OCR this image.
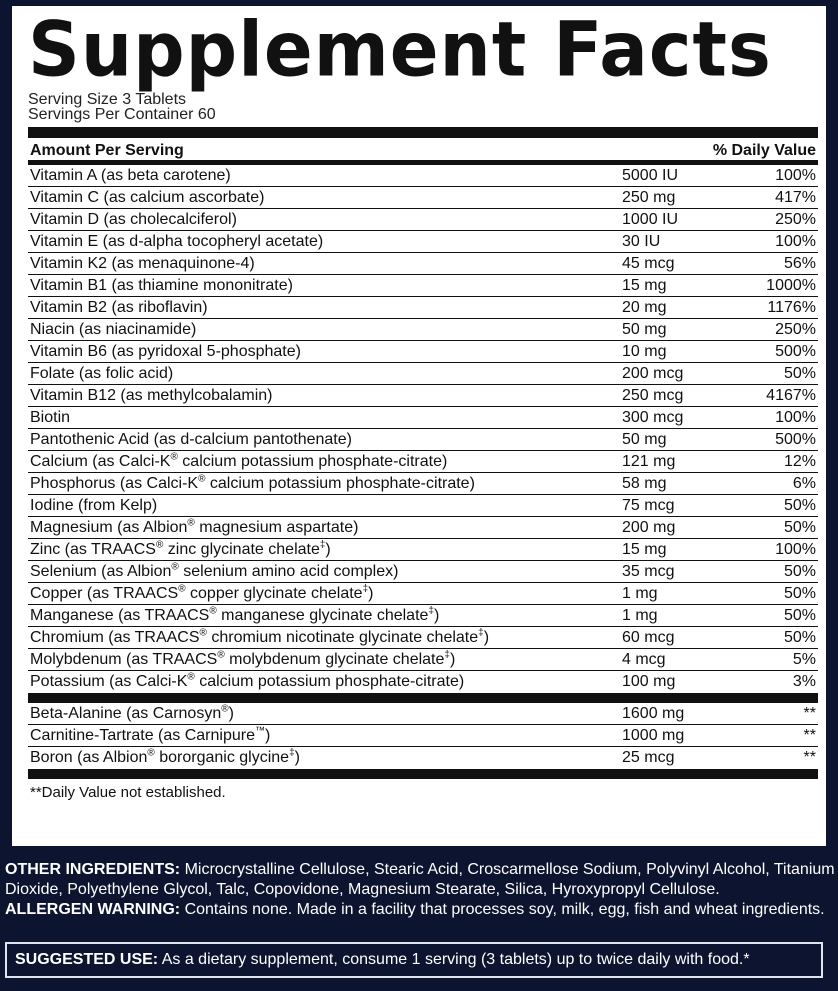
Supplement Facts
Serving Size 3 Tablets
Servings Per Container 60
Amount Per Serving	% Daily Value
Vitamin A (as beta carotene)	5000 IU	100%
Vitamin C (as calcium ascorbate)	250 mg	417%
Vitamin D (as cholecalciferol)	1000 IU	250%
Vitamin E (as d-alpha tocopheryl acetate)	30 IU	100%
Vitamin K2 (as menaquinone-4)	45 mcg	56%
Vitamin B1 (as thiamine mononitrate)	15 mg	1000%
Vitamin B2 (as riboflavin)	20 mg	1176%
Niacin (as niacinamide)	50 mg	250%
Vitamin B6 (as pyridoxal 5-phosphate)	10 mg	500%
Folate (as folic acid)	200 mcg	50%
Vitamin B12 (as methylcobalamin)	250 mcg	4167%
Biotin	300 mcg	100%
Pantothenic Acid (as d-calcium pantothenate)	50 mg	500%
Calcium (as Calci-K® calcium potassium phosphate-citrate)	121 mg	12%
Phosphorus (as Calci-K® calcium potassium phosphate-citrate)	58 mg	6%
Iodine (from Kelp)	75 mcg	50%
Magnesium (as Albion® magnesium aspartate)	200 mg	50%
Zinc (as TRAACS® zinc glycinate chelate‡)	15 mg	100%
Selenium (as Albion® selenium amino acid complex)	35 mcg	50%
Copper (as TRAACS® copper glycinate chelate‡)	1 mg	50%
Manganese (as TRAACS® manganese glycinate chelate‡)	1 mg	50%
Chromium (as TRAACS® chromium nicotinate glycinate chelate‡)	60 mcg	50%
Molybdenum (as TRAACS® molybdenum glycinate chelate‡)	4 mcg	5%
Potassium (as Calci-K® calcium potassium phosphate-citrate)	100 mg	3%
Beta-Alanine (as Carnosyn®)	1600 mg	**
Carnitine-Tartrate (as Carnipure™)	1000 mg	**
Boron (as Albion® bororganic glycine‡)	25 mcg	**
**Daily Value not established.
OTHER INGREDIENTS: Microcrystalline Cellulose, Stearic Acid, Croscarmellose Sodium, Polyvinyl Alcohol, Titanium Dioxide, Polyethylene Glycol, Talc, Copovidone, Magnesium Stearate, Silica, Hyroxypropyl Cellulose.
ALLERGEN WARNING: Contains none. Made in a facility that processes soy, milk, egg, fish and wheat ingredients.
SUGGESTED USE: As a dietary supplement, consume 1 serving (3 tablets) up to twice daily with food.*
